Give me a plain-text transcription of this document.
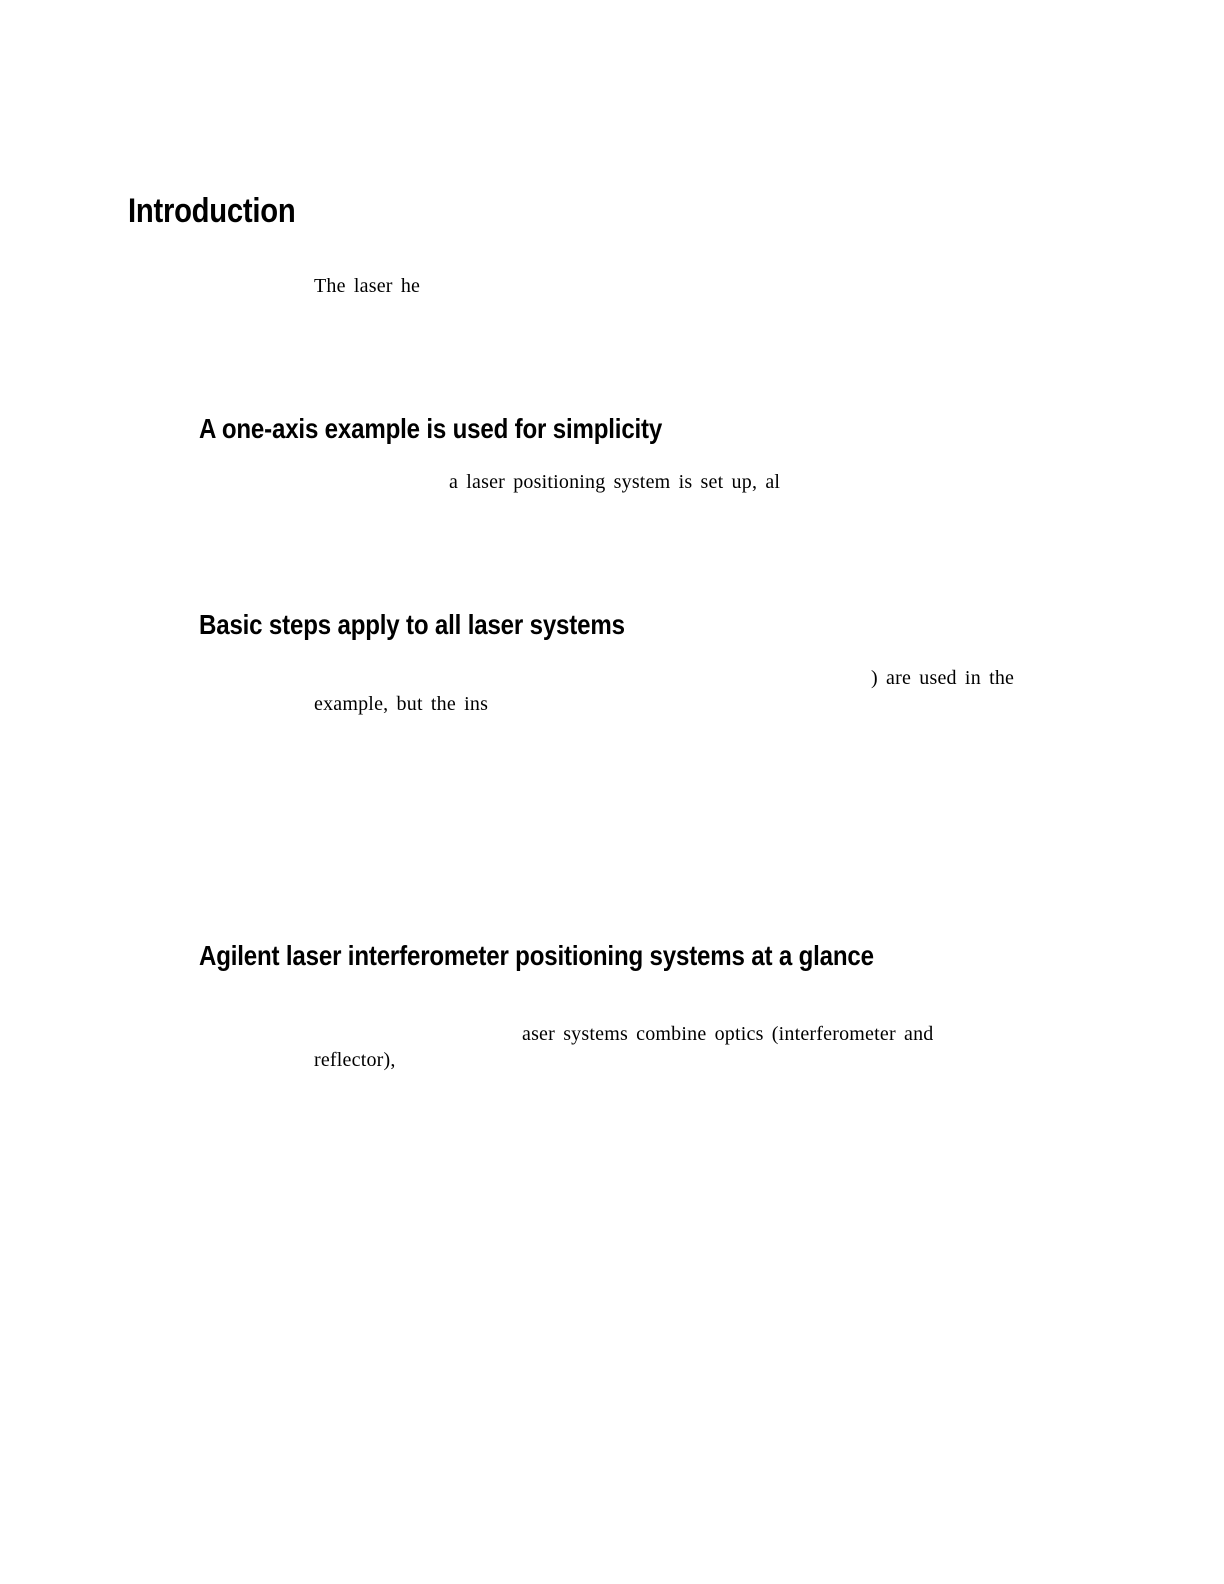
Introduction

The laser he

A one-axis example is used for simplicity

a laser positioning system is set up, al

Basic steps apply to all laser systems

) are used in the

example, but the ins

Agilent laser interferometer positioning systems at a glance

aser systems combine optics (interferometer and

reflector),
